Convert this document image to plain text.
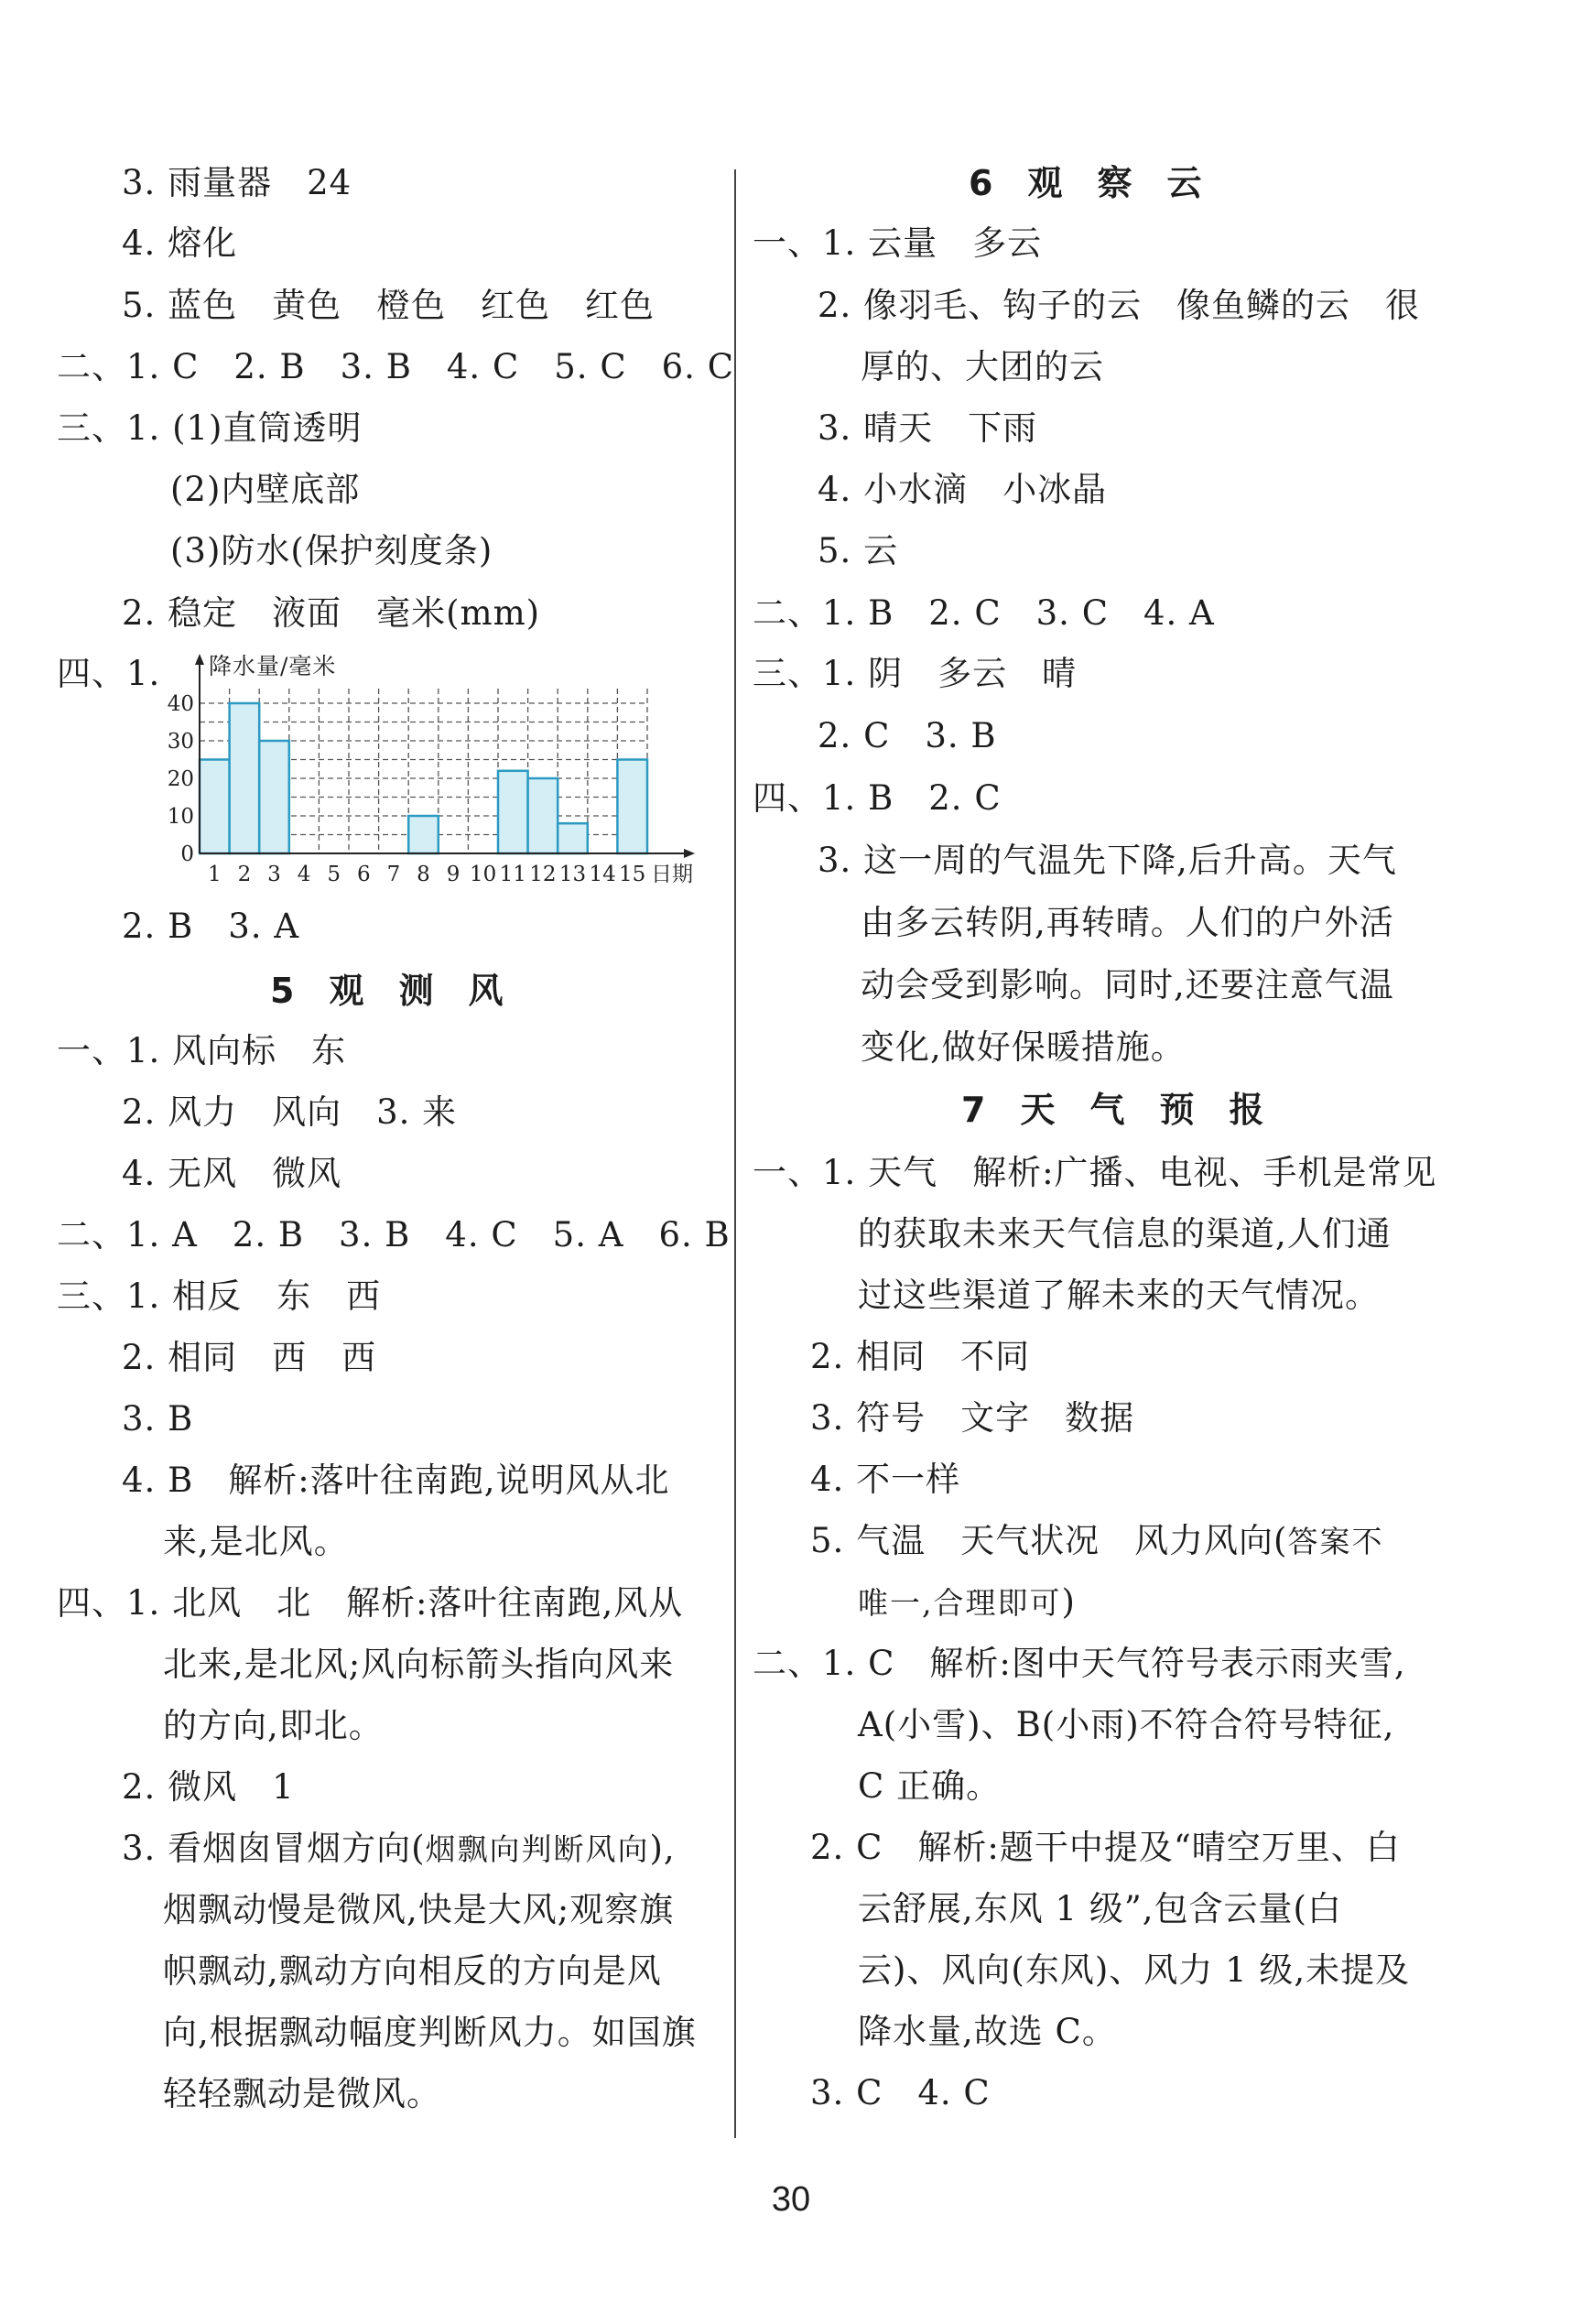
3. 雨量器　24
4. 熔化
5. 蓝色　黄色　橙色　红色　红色
二、1. C　2. B　3. B　4. C　5. C　6. C
三、1. (1)直筒透明
(2)内壁底部
(3)防水(保护刻度条)
2. 稳定　液面　毫米(mm)
四、1.
0
10
20
30
40
1 2 3 4 5 6 7 8 9 10 11 12 13 14 15
降水量/毫米
日期
2. B　3. A
5　观　测　风
一、1. 风向标　东
2. 风力　风向　3. 来
4. 无风　微风
二、1. A　2. B　3. B　4. C　5. A　6. B
三、1. 相反　东　西
2. 相同　西　西
3. B
4. B　解析:落叶往南跑,说明风从北
来,是北风。
四、1. 北风　北　解析:落叶往南跑,风从
北来,是北风;风向标箭头指向风来
的方向,即北。
2. 微风　1
3. 看烟囱冒烟方向(烟飘向判断风向),
烟飘动慢是微风,快是大风;观察旗
帜飘动,飘动方向相反的方向是风
向,根据飘动幅度判断风力。如国旗
轻轻飘动是微风。
6　观　察　云
一、1. 云量　多云
2. 像羽毛、钩子的云　像鱼鳞的云　很
厚的、大团的云
3. 晴天　下雨
4. 小水滴　小冰晶
5. 云
二、1. B　2. C　3. C　4. A
三、1. 阴　多云　晴
2. C　3. B
四、1. B　2. C
3. 这一周的气温先下降,后升高。天气
由多云转阴,再转晴。人们的户外活
动会受到影响。同时,还要注意气温
变化,做好保暖措施。
7　天　气　预　报
一、1. 天气　解析:广播、电视、手机是常见
的获取未来天气信息的渠道,人们通
过这些渠道了解未来的天气情况。
2. 相同　不同
3. 符号　文字　数据
4. 不一样
5. 气温　天气状况　风力风向(答案不
唯一,合理即可)
二、1. C　解析:图中天气符号表示雨夹雪,
A(小雪)、B(小雨)不符合符号特征,
C 正确。
2. C　解析:题干中提及“晴空万里、白
云舒展,东风 1 级”,包含云量(白
云)、风向(东风)、风力 1 级,未提及
降水量,故选 C。
3. C　4. C
30
